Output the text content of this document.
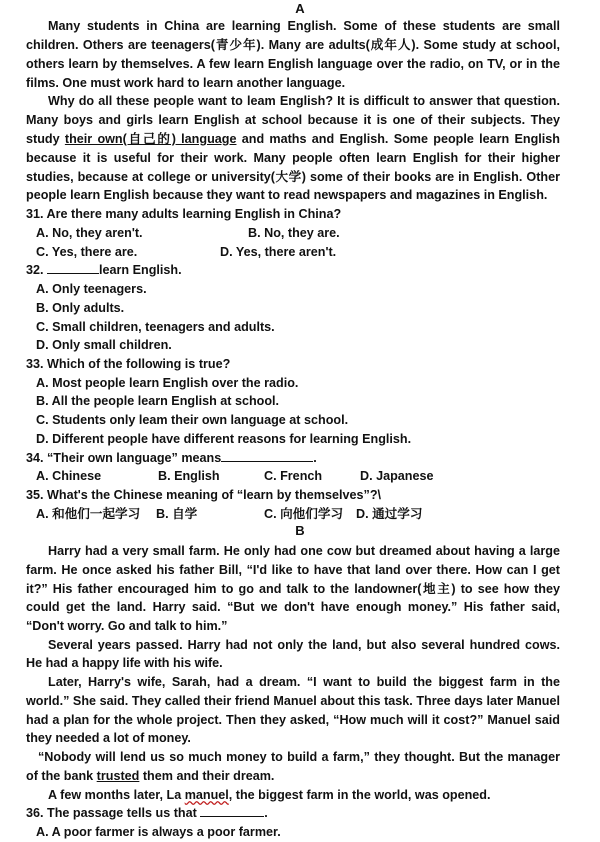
A
Many students in China are learning English. Some of these students are small
children. Others are teenagers(青少年). Many are adults(成年人). Some study at school,
others learn by themselves. A few learn English language over the radio, on TV, or in the
films. One must work hard to learn another language.
Why do all these people want to leam English? It is difficult to answer that question.
Many boys and girls learn English at school because it is one of their subjects. They
study their own(自己的) language and maths and English. Some people learn English
because it is useful for their work. Many people often learn English for their higher
studies, because at college or university(大学) some of their books are in English. Other
people learn English because they want to read newspapers and magazines in English.
31. Are there many adults learning English in China?
A. No, they aren't.	B. No, they are.
C. Yes, there are.	D. Yes, there aren't.
32.	learn English.
A. Only teenagers.
B. Only adults.
C. Small children, teenagers and adults.
D. Only small children.
33. Which of the following is true?
A. Most people learn English over the radio.
B. All the people learn English at school.
C. Students only leam their own language at school.
D. Different people have different reasons for learning English.
34. “Their own language” means	.
A. Chinese	B. English	C. French	D. Japanese
35. What's the Chinese meaning of “learn by themselves”?\
A. 和他们一起学习 B. 自学	C. 向他们学习 D. 通过学习
B
Harry had a very small farm. He only had one cow but dreamed about having a large
farm. He once asked his father Bill, “I'd like to have that land over there. How can I get
it?” His father encouraged him to go and talk to the landowner(地主) to see how they
could get the land. Harry said. “But we don't have enough money.” His father said,
“Don't worry. Go and talk to him.”
Several years passed. Harry had not only the land, but also several hundred cows.
He had a happy life with his wife.
Later, Harry's wife, Sarah, had a dream. “I want to build the biggest farm in the
world.” She said. They called their friend Manuel about this task. Three days later Manuel
had a plan for the whole project. Then they asked, “How much will it cost?” Manuel said
they needed a lot of money.
“Nobody will lend us so much money to build a farm,” they thought. But the manager
of the bank trusted them and their dream.
A few months later, La manuel, the biggest farm in the world, was opened.
36. The passage tells us that	.
A. A poor farmer is always a poor farmer.
